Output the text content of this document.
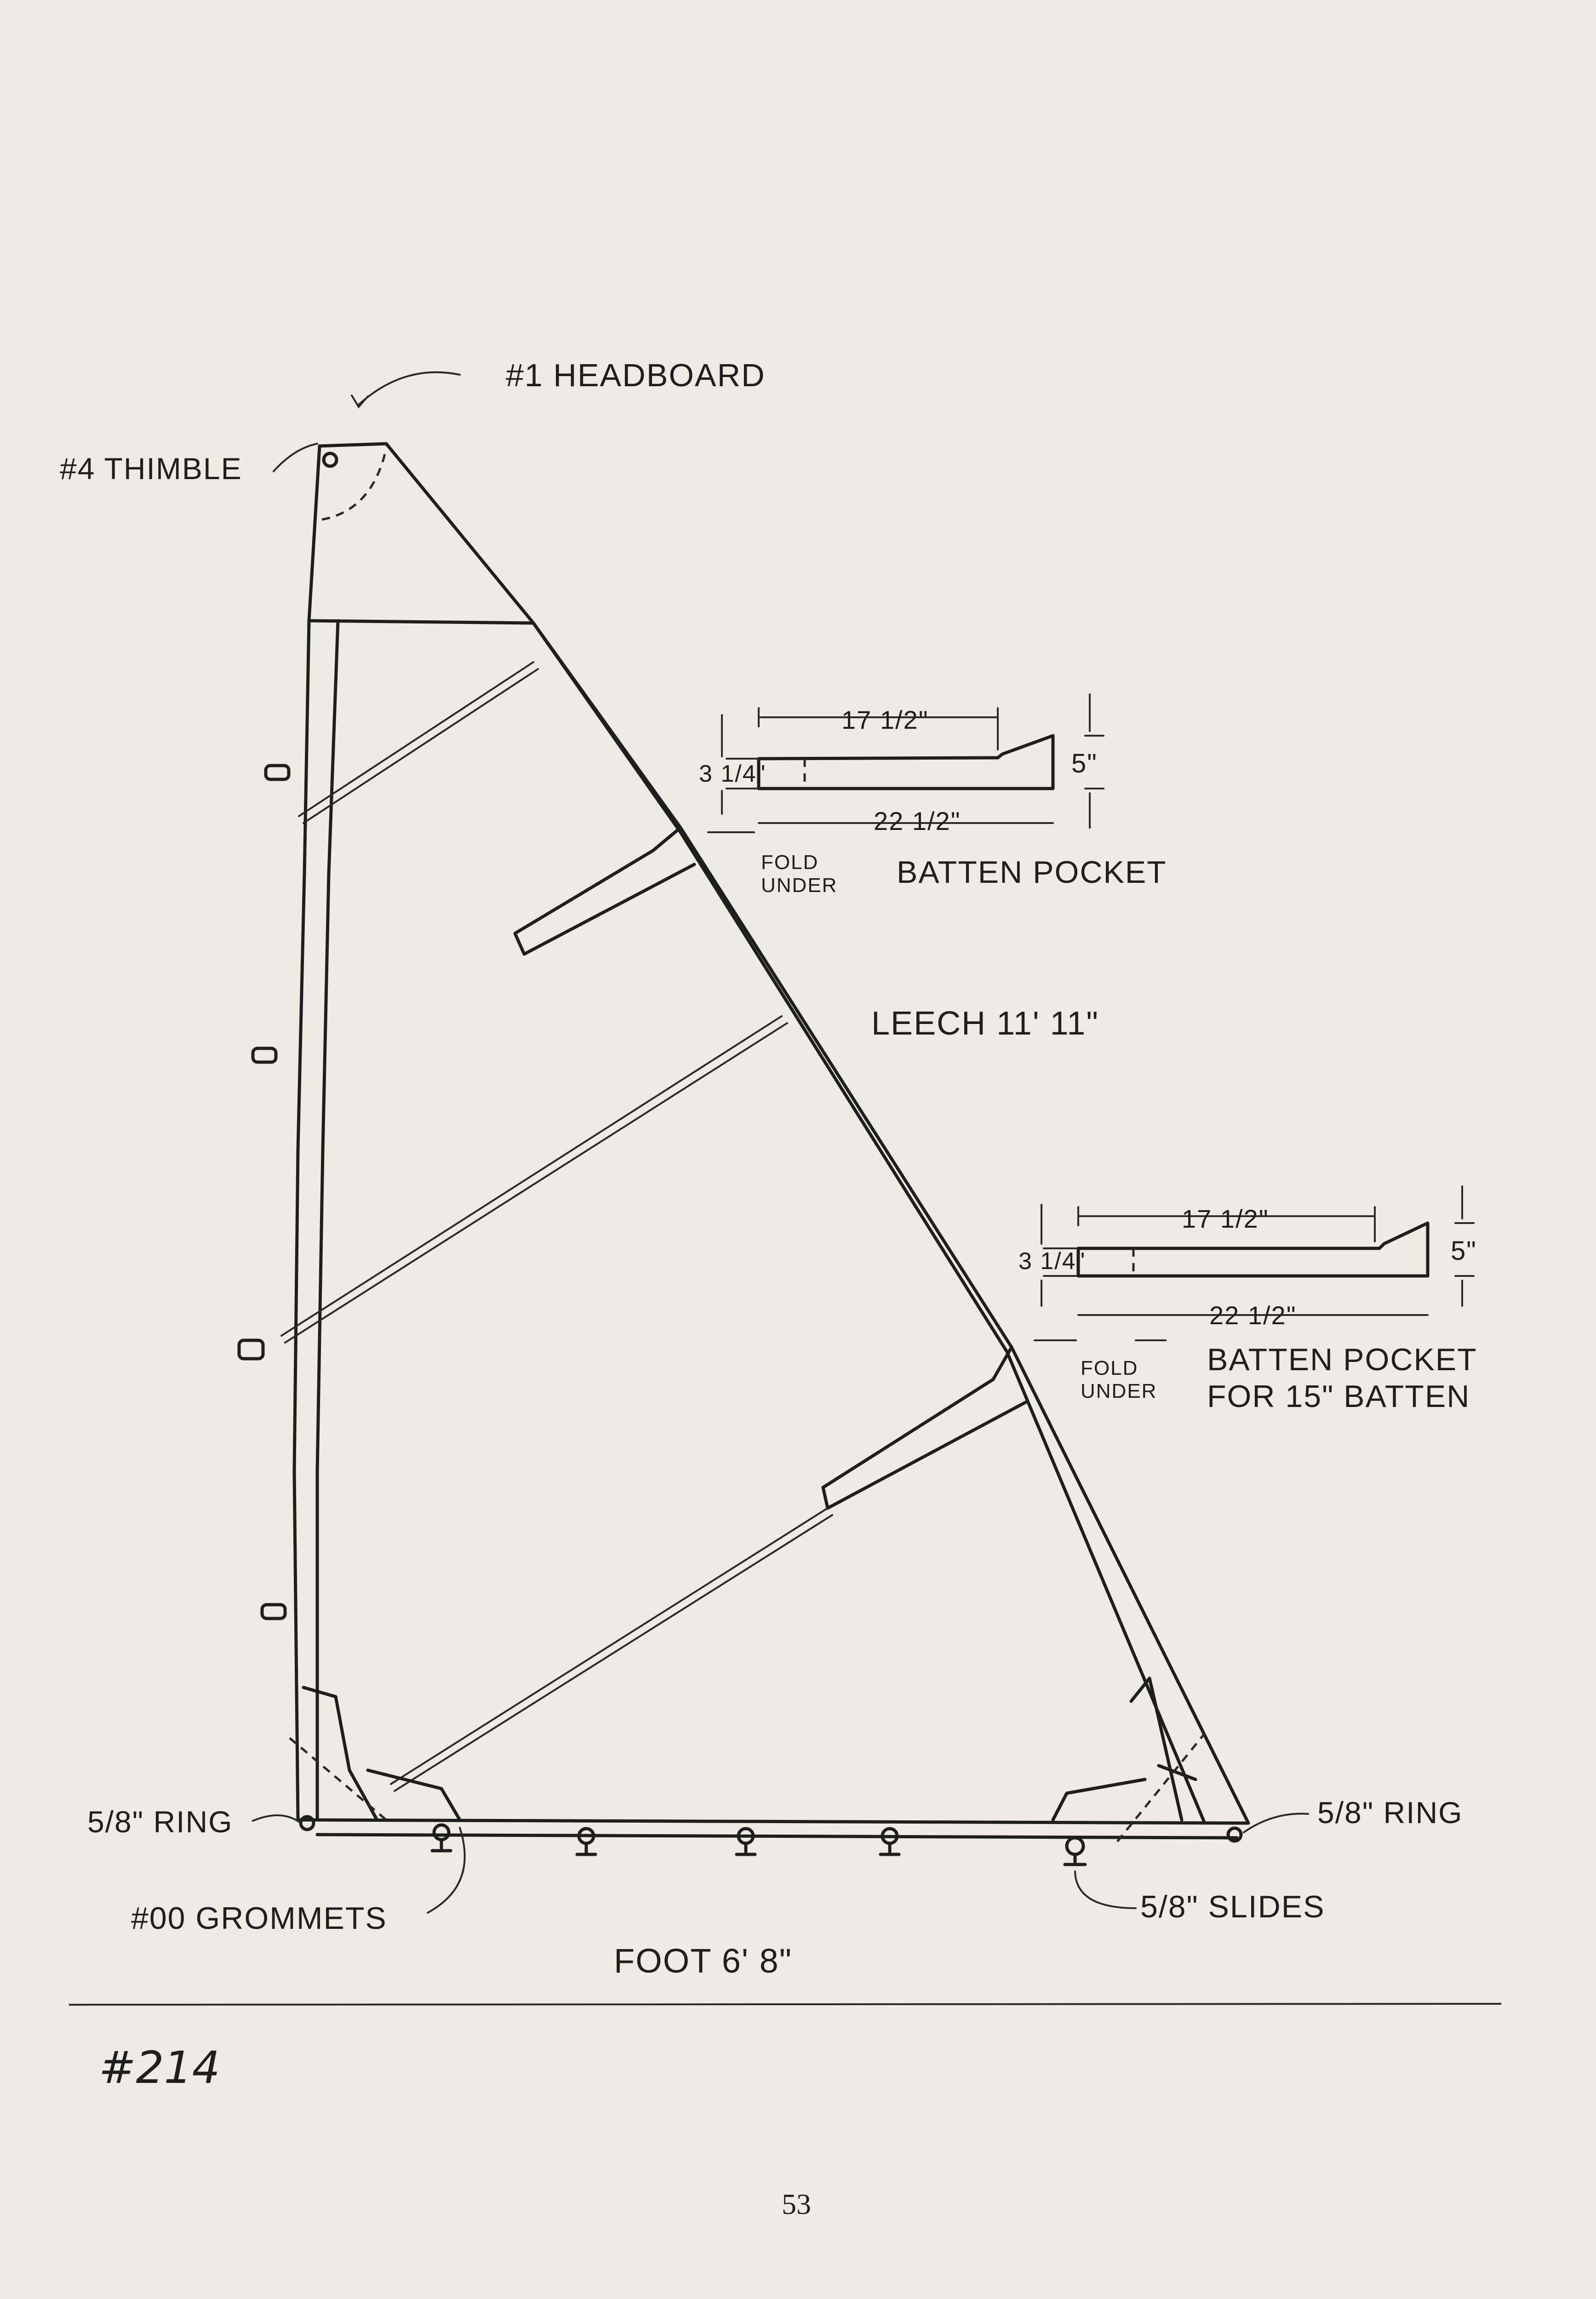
#1 HEADBOARD
#4 THIMBLE
LEECH 11' 11"
FOOT 6' 8"
5/8" RING	5/8" RING
#00 GROMMETS	5/8" SLIDES
17 1/2"
22 1/2"
3 1/4"	5"
FOLD
UNDER BATTEN POCKET
17 1/2"
22 1/2"
3 1/4"	5"
FOLD
UNDER
BATTEN POCKET
FOR 15" BATTEN
#214
53
